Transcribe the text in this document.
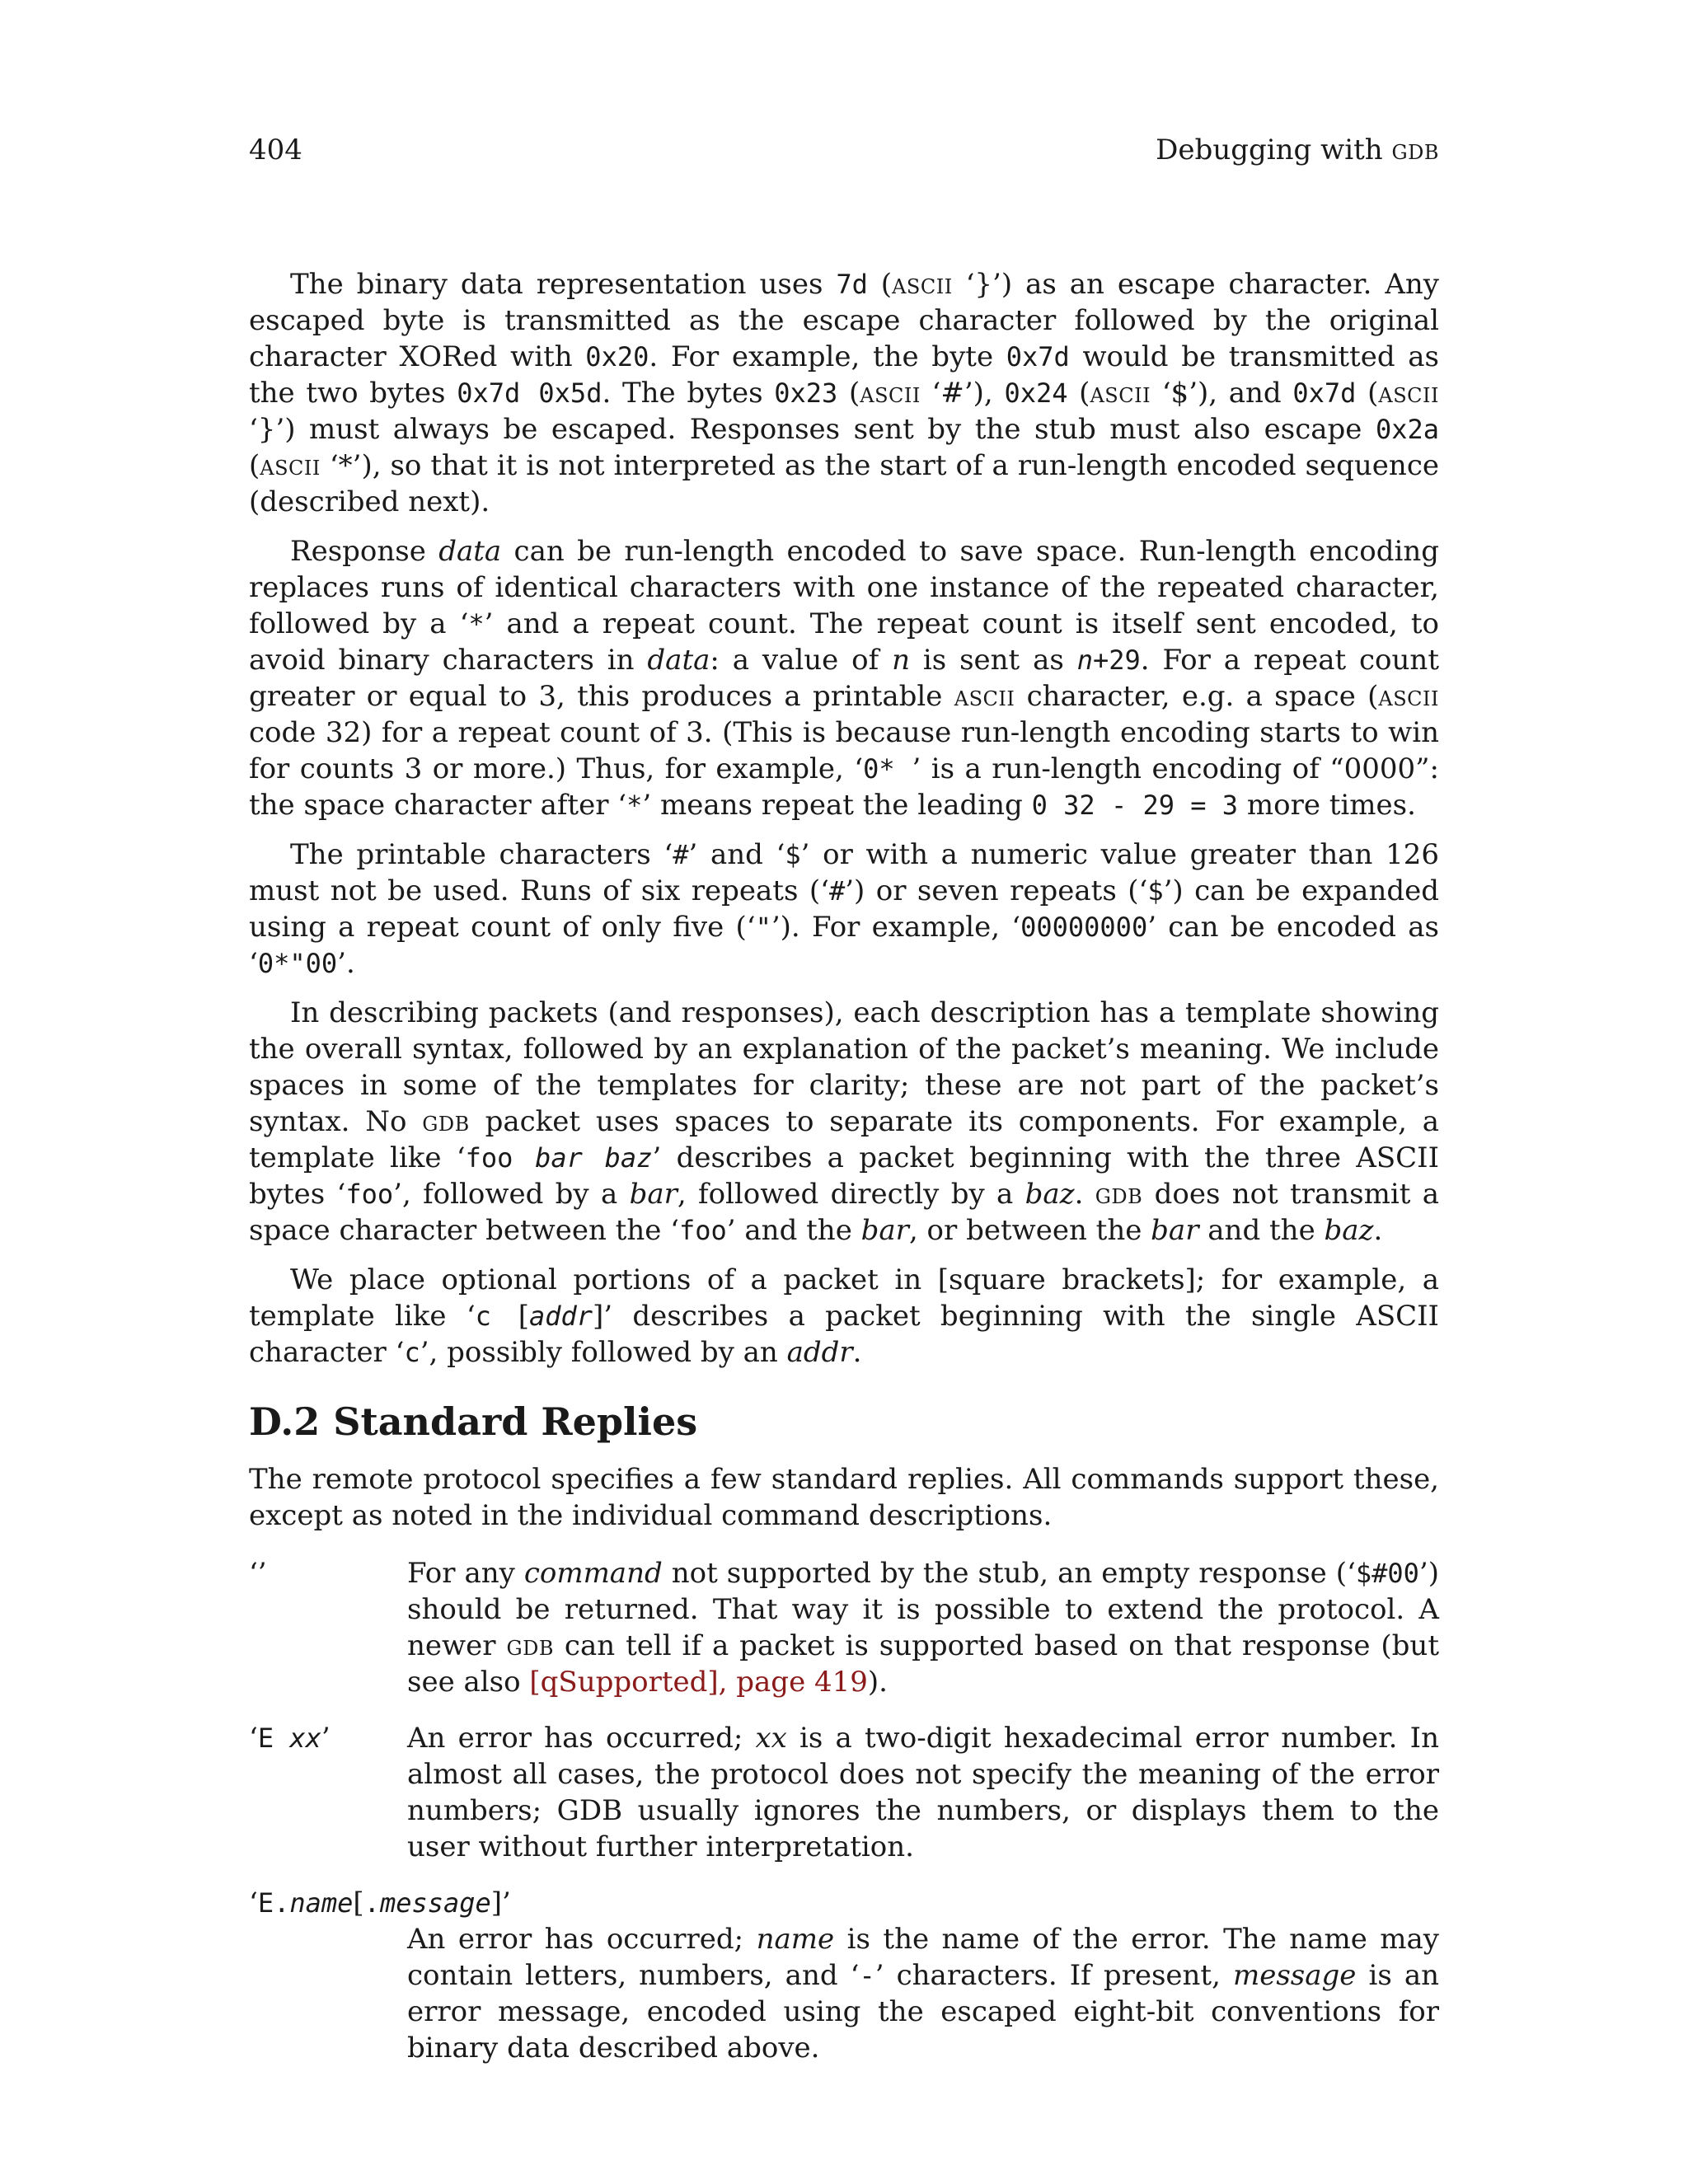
404	Debugging with gdb

The binary data representation uses 7d (ascii ‘}’) as an escape character. Any escaped byte is transmitted as the escape character followed by the original character XORed with 0x20. For example, the byte 0x7d would be transmitted as the two bytes 0x7d 0x5d. The bytes 0x23 (ascii ‘#’), 0x24 (ascii ‘$’), and 0x7d (ascii ‘}’) must always be escaped. Responses sent by the stub must also escape 0x2a (ascii ‘*’), so that it is not interpreted as the start of a run-length encoded sequence (described next).

Response data can be run-length encoded to save space. Run-length encoding replaces runs of identical characters with one instance of the repeated character, followed by a ‘*’ and a repeat count. The repeat count is itself sent encoded, to avoid binary characters in data: a value of n is sent as n+29. For a repeat count greater or equal to 3, this produces a printable ascii character, e.g. a space (ascii code 32) for a repeat count of 3. (This is because run-length encoding starts to win for counts 3 or more.) Thus, for example, ‘0* ’ is a run-length encoding of “0000”: the space character after ‘*’ means repeat the leading 0 32 - 29 = 3 more times.

The printable characters ‘#’ and ‘$’ or with a numeric value greater than 126 must not be used. Runs of six repeats (‘#’) or seven repeats (‘$’) can be expanded using a repeat count of only five (‘"’). For example, ‘00000000’ can be encoded as ‘0*"00’.

In describing packets (and responses), each description has a template showing the overall syntax, followed by an explanation of the packet’s meaning. We include spaces in some of the templates for clarity; these are not part of the packet’s syntax. No gdb packet uses spaces to separate its components. For example, a template like ‘foo bar baz’ describes a packet beginning with the three ASCII bytes ‘foo’, followed by a bar, followed directly by a baz. gdb does not transmit a space character between the ‘foo’ and the bar, or between the bar and the baz.

We place optional portions of a packet in [square brackets]; for example, a template like ‘c [addr]’ describes a packet beginning with the single ASCII character ‘c’, possibly followed by an addr.

D.2 Standard Replies

The remote protocol specifies a few standard replies. All commands support these, except as noted in the individual command descriptions.

‘’	For any command not supported by the stub, an empty response (‘$#00’) should be returned. That way it is possible to extend the protocol. A newer gdb can tell if a packet is supported based on that response (but see also [qSupported], page 419).
‘E xx’	An error has occurred; xx is a two-digit hexadecimal error number. In almost all cases, the protocol does not specify the meaning of the error numbers; GDB usually ignores the numbers, or displays them to the user without further interpretation.
‘E.name[.message]’
An error has occurred; name is the name of the error. The name may contain letters, numbers, and ‘-’ characters. If present, message is an error message, encoded using the escaped eight-bit conventions for binary data described above.
